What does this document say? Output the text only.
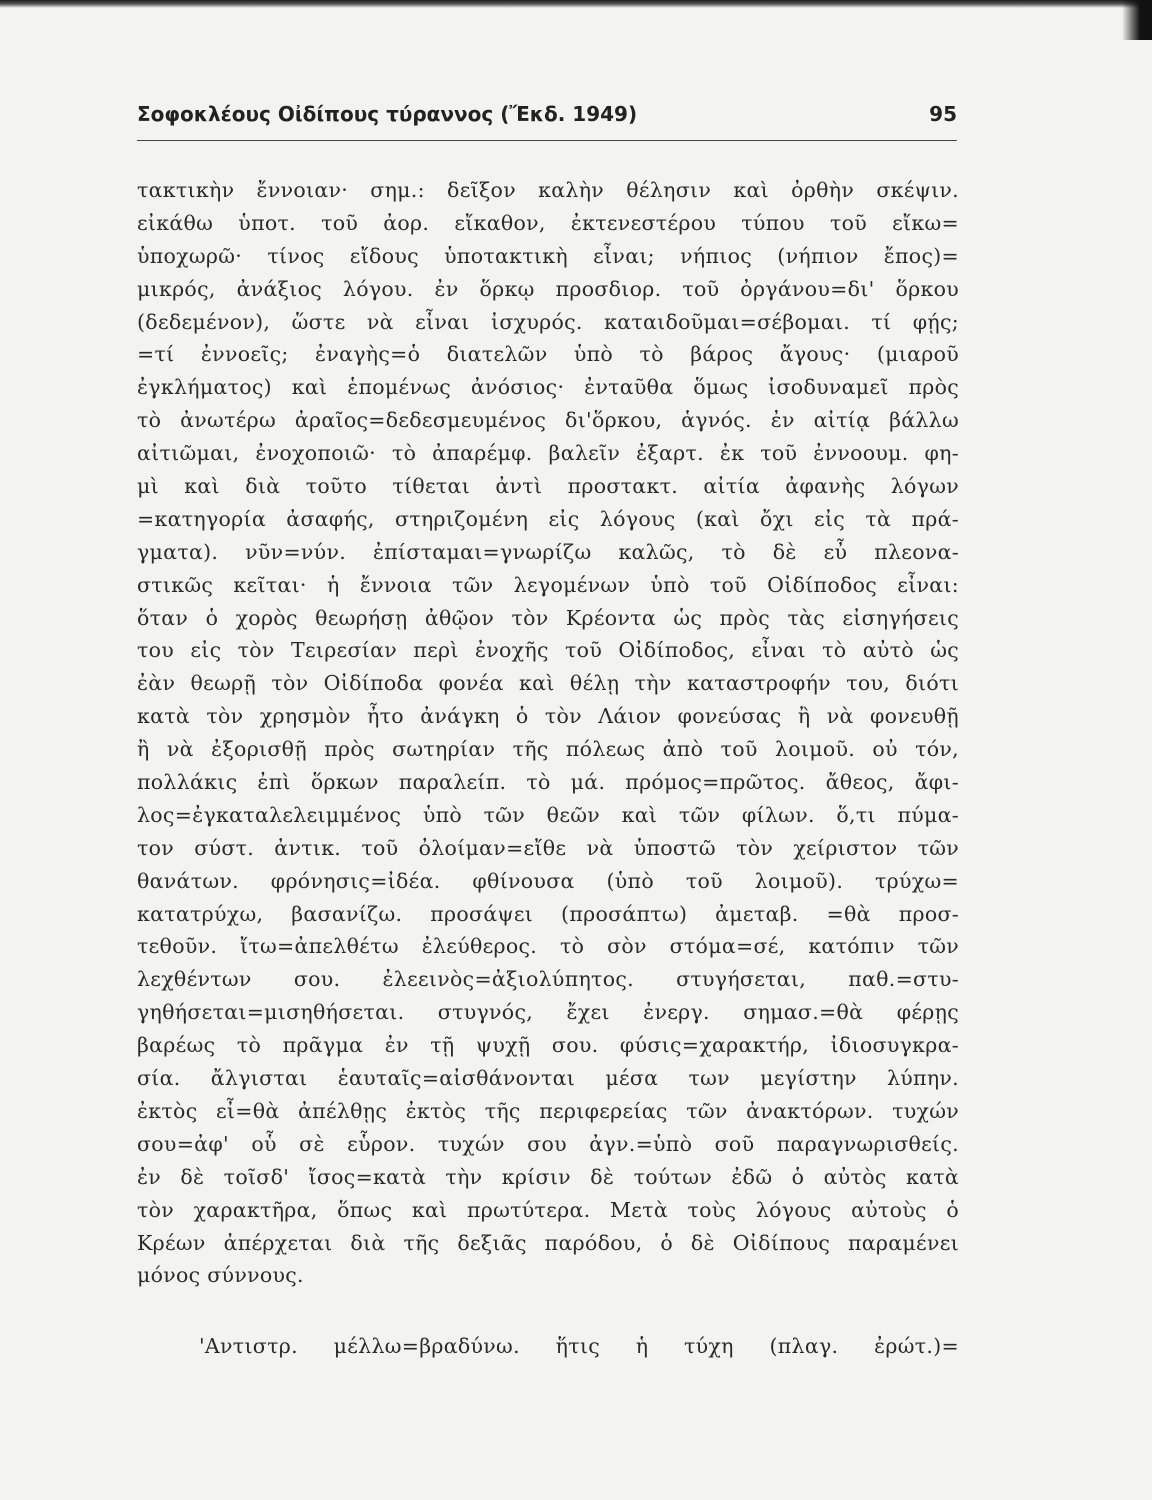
Σοφοκλέους Οἰδίπους τύραννος (Ἔκδ. 1949)	95
τακτικὴν ἔννοιαν· σημ.: δεῖξον καλὴν θέλησιν καὶ ὀρθὴν σκέψιν.
εἰκάθω ὑποτ. τοῦ ἀορ. εἴκαθον, ἐκτενεστέρου τύπου τοῦ εἴκω=
ὑποχωρῶ· τίνος εἴδους ὑποτακτικὴ εἶναι; νήπιος (νήπιον ἔπος)=
μικρός, ἀνάξιος λόγου. ἐν ὅρκῳ προσδιορ. τοῦ ὀργάνου=δι' ὅρκου
(δεδεμένον), ὥστε νὰ εἶναι ἰσχυρός. καταιδοῦμαι=σέβομαι. τί φῄς;
=τί ἐννοεῖς; ἐναγὴς=ὁ διατελῶν ὑπὸ τὸ βάρος ἄγους· (μιαροῦ
ἐγκλήματος) καὶ ἑπομένως ἀνόσιος· ἐνταῦθα ὅμως ἰσοδυναμεῖ πρὸς
τὸ ἀνωτέρω ἀραῖος=δεδεσμευμένος δι'ὅρκου, ἁγνός. ἐν αἰτίᾳ βάλλω
αἰτιῶμαι, ἐνοχοποιῶ· τὸ ἀπαρέμφ. βαλεῖν ἐξαρτ. ἐκ τοῦ ἐννοουμ. φη-
μὶ καὶ διὰ τοῦτο τίθεται ἀντὶ προστακτ. αἰτία ἀφανὴς λόγων
=κατηγορία ἀσαφής, στηριζομένη εἰς λόγους (καὶ ὄχι εἰς τὰ πρά-
γματα). νῦν=νύν. ἐπίσταμαι=γνωρίζω καλῶς, τὸ δὲ εὖ πλεονα-
στικῶς κεῖται· ἡ ἔννοια τῶν λεγομένων ὑπὸ τοῦ Οἰδίποδος εἶναι:
ὅταν ὁ χορὸς θεωρήσῃ ἀθῷον τὸν Κρέοντα ὡς πρὸς τὰς εἰσηγήσεις
του εἰς τὸν Τειρεσίαν περὶ ἐνοχῆς τοῦ Οἰδίποδος, εἶναι τὸ αὐτὸ ὡς
ἐὰν θεωρῇ τὸν Οἰδίποδα φονέα καὶ θέλῃ τὴν καταστροφήν του, διότι
κατὰ τὸν χρησμὸν ἦτο ἀνάγκη ὁ τὸν Λάιον φονεύσας ἢ νὰ φονευθῇ
ἢ νὰ ἐξορισθῇ πρὸς σωτηρίαν τῆς πόλεως ἀπὸ τοῦ λοιμοῦ. οὐ τόν,
πολλάκις ἐπὶ ὅρκων παραλείπ. τὸ μά. πρόμος=πρῶτος. ἄθεος, ἄφι-
λος=ἐγκαταλελειμμένος ὑπὸ τῶν θεῶν καὶ τῶν φίλων. ὅ,τι πύμα-
τον σύστ. ἀντικ. τοῦ ὀλοίμαν=εἴθε νὰ ὑποστῶ τὸν χείριστον τῶν
θανάτων. φρόνησις=ἰδέα. φθίνουσα (ὑπὸ τοῦ λοιμοῦ). τρύχω=
κατατρύχω, βασανίζω. προσάψει (προσάπτω) ἀμεταβ. =θὰ προσ-
τεθοῦν. ἴτω=ἀπελθέτω ἐλεύθερος. τὸ σὸν στόμα=σέ, κατόπιν τῶν
λεχθέντων σου. ἐλεεινὸς=ἀξιολύπητος. στυγήσεται, παθ.=στυ-
γηθήσεται=μισηθήσεται. στυγνός, ἔχει ἐνεργ. σημασ.=θὰ φέρῃς
βαρέως τὸ πρᾶγμα ἐν τῇ ψυχῇ σου. φύσις=χαρακτήρ, ἰδιοσυγκρα-
σία. ἄλγισται ἑαυταῖς=αἰσθάνονται μέσα των μεγίστην λύπην.
ἐκτὸς εἶ=θὰ ἀπέλθῃς ἐκτὸς τῆς περιφερείας τῶν ἀνακτόρων. τυχών
σου=ἀφ' οὗ σὲ εὗρον. τυχών σου ἀγν.=ὑπὸ σοῦ παραγνωρισθείς.
ἐν δὲ τοῖσδ' ἴσος=κατὰ τὴν κρίσιν δὲ τούτων ἐδῶ ὁ αὐτὸς κατὰ
τὸν χαρακτῆρα, ὅπως καὶ πρωτύτερα. Μετὰ τοὺς λόγους αὐτοὺς ὁ
Κρέων ἀπέρχεται διὰ τῆς δεξιᾶς παρόδου, ὁ δὲ Οἰδίπους παραμένει
μόνος σύννους.
'Αντιστρ. μέλλω=βραδύνω. ἥτις ἡ τύχη (πλαγ. ἐρώτ.)=
